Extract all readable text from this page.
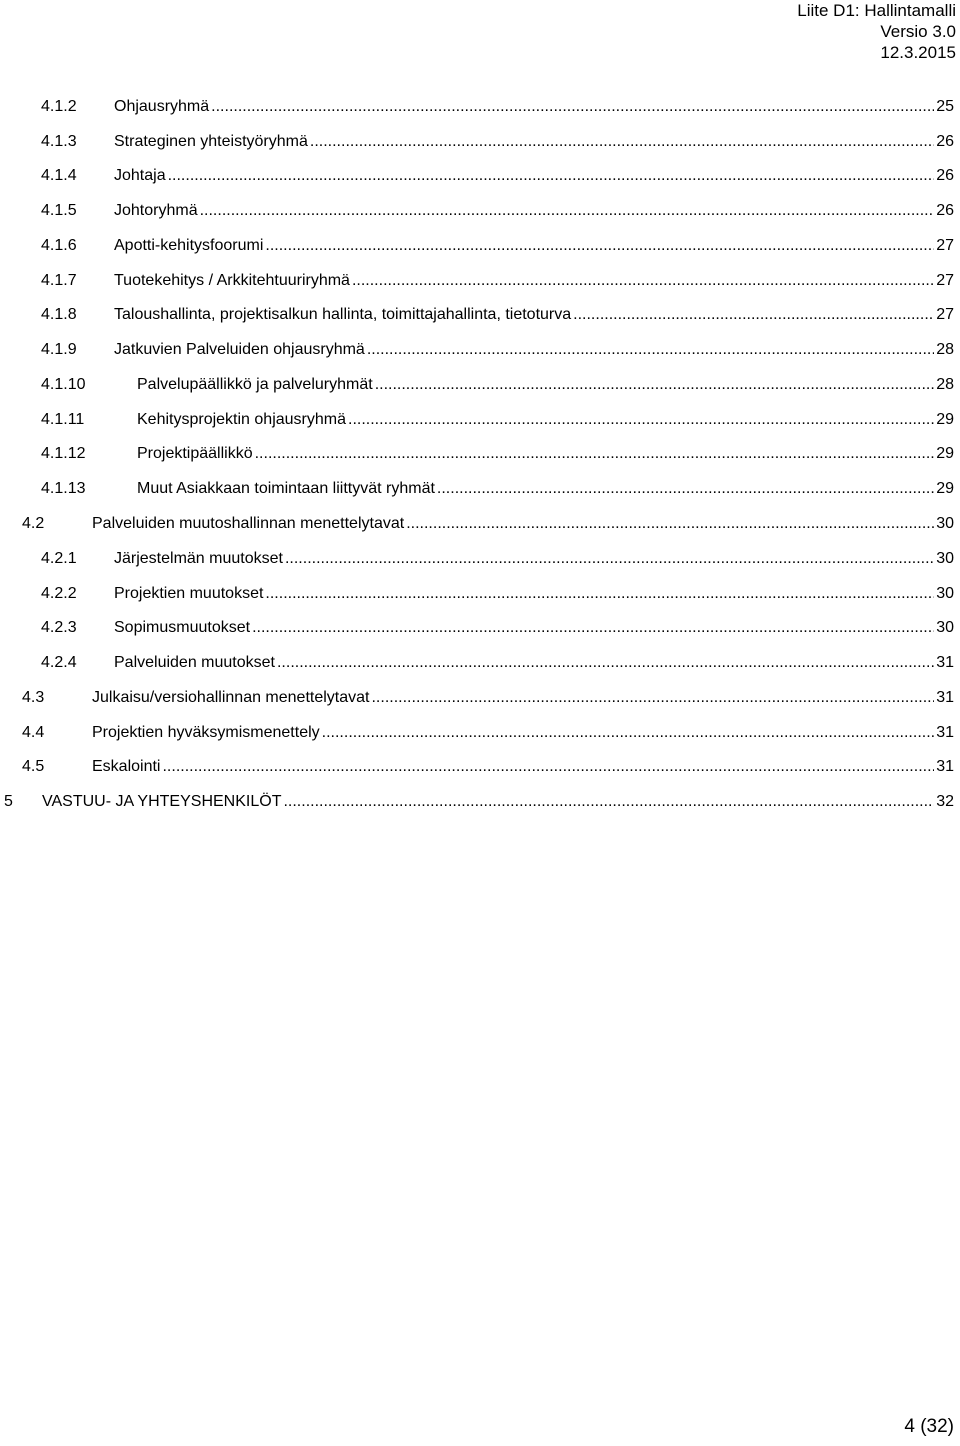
Liite D1: Hallintamalli
Versio 3.0
12.3.2015
4.1.2	Ohjausryhmä .....	25
4.1.3	Strateginen yhteistyöryhmä .....	26
4.1.4	Johtaja .....	26
4.1.5	Johtoryhmä .....	26
4.1.6	Apotti-kehitysfoorumi .....	27
4.1.7	Tuotekehitys / Arkkitehtuuriryhmä .....	27
4.1.8	Taloushallinta, projektisalkun hallinta, toimittajahallinta, tietoturva .....	27
4.1.9	Jatkuvien Palveluiden ohjausryhmä .....	28
4.1.10	Palvelupäällikkö ja palveluryhmät .....	28
4.1.11	Kehitysprojektin ohjausryhmä .....	29
4.1.12	Projektipäällikkö .....	29
4.1.13	Muut Asiakkaan toimintaan liittyvät ryhmät .....	29
4.2	Palveluiden muutoshallinnan menettelytavat .....	30
4.2.1	Järjestelmän muutokset .....	30
4.2.2	Projektien muutokset .....	30
4.2.3	Sopimusmuutokset .....	30
4.2.4	Palveluiden muutokset .....	31
4.3	Julkaisu/versiohallinnan menettelytavat .....	31
4.4	Projektien hyväksymismenettely .....	31
4.5	Eskalointi .....	31
5	VASTUU- JA YHTEYSHENKILÖT .....	32
4 (32)
